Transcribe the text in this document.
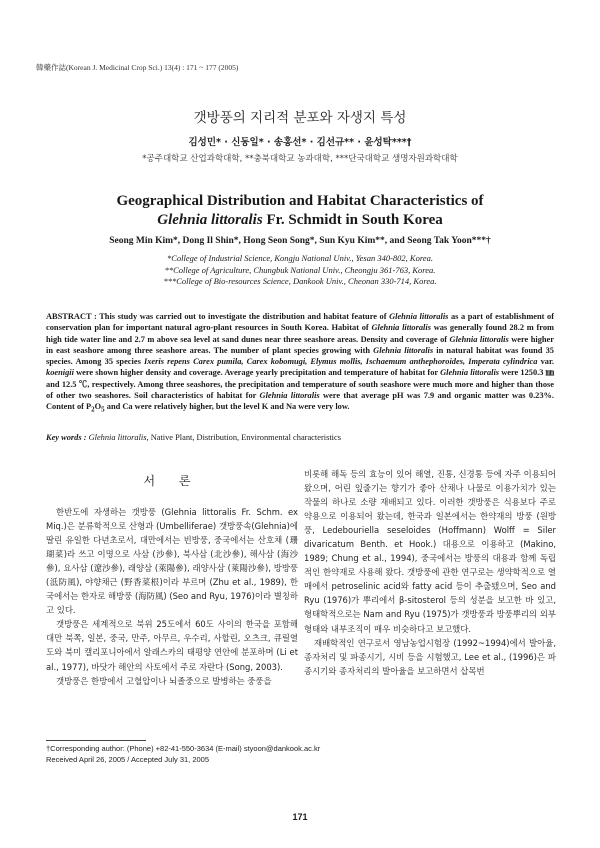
韓藥作誌(Korean J. Medicinal Crop Sci.) 13(4) : 171 ~ 177 (2005)
갯방풍의 지리적 분포와 자생지 특성
김성민* · 신동일* · 송홍선* · 김선규** · 윤성탁***†
*공주대학교 산업과학대학, **충북대학교 농과대학, ***단국대학교 생명자원과학대학
Geographical Distribution and Habitat Characteristics of
Glehnia littoralis Fr. Schmidt in South Korea
Seong Min Kim*, Dong Il Shin*, Hong Seon Song*, Sun Kyu Kim**, and Seong Tak Yoon***†
*College of Industrial Science, Kongju National Univ., Yesan 340-802, Korea.
**College of Agriculture, Chungbuk National Univ., Cheongju 361-763, Korea.
***College of Bio-resources Science, Dankook Univ., Cheonan 330-714, Korea.
ABSTRACT : This study was carried out to investigate the distribution and habitat feature of Glehnia littoralis as a part of establishment of conservation plan for important natural agro-plant resources in South Korea. Habitat of Glehnia littoralis was generally found 28.2 m from high tide water line and 2.7 m above sea level at sand dunes near three seashore areas. Density and coverage of Glehnia littoralis were higher in east seashore among three seashore areas. The number of plant species growing with Glehnia littoralis in natural habitat was found 35 species. Among 35 species Ixeris repens Carex pumila, Carex kobomugi, Elymus mollis, Ischaemum anthephoroides, Imperata cylindrica var. koenigii were shown higher density and coverage. Average yearly precipitation and temperature of habitat for Glehnia littoralis were 1250.3 ㎜ and 12.5 ℃, respectively. Among three seashores, the precipitation and temperature of south seashore were much more and higher than those of other two seashores. Soil characteristics of habitat for Glehnia littoralis were that average pH was 7.9 and organic matter was 0.23%. Content of $P_2O_5$ and Ca were relatively higher, but the level K and Na were very low.
Key words : Glehnia littoralis, Native Plant, Distribution, Environmental characteristics
서 론

한반도에 자생하는 갯방풍 (Glehnia littoralis Fr. Schm. ex Miq.)은 분류학적으로 산형과 (Umbelliferae) 갯방풍속(Glehnia)에 딸린 유일한 다년초로서, 대만에서는 빈방풍, 중국에서는 산호채 (珊瑚菜)라 쓰고 이명으로 사삼 (沙參), 북사삼 (北沙參), 해사삼 (海沙參), 요사삼 (遼沙參), 래양삼 (萊陽參), 래양사삼 (萊陽沙參), 방방풍 (泜防風), 야향채근 (野香菜根)이라 부르며 (Zhu et al., 1989), 한국에서는 한자로 해방풍 (海防風) (Seo and Ryu, 1976)이라 별칭하고 있다.

갯방풍은 세계적으로 북위 25도에서 60도 사이의 한국을 포함해 대만 북쪽, 일본, 중국, 만주, 아무르, 우수리, 사할린, 오츠크, 큐릴열도와 북미 캘리포니아에서 알래스카의 태평양 연안에 분포하며 (Li et al., 1977), 바닷가 해안의 사토에서 주로 자란다 (Song, 2003).

갯방풍은 한방에서 고혈압이나 뇌졸중으로 발병하는 중풍을

비롯해 해독 등의 효능이 있어 해열, 진통, 신경통 등에 자주 이용되어 왔으며, 어린 잎줄기는 향기가 좋아 산채나 나물로 이용가치가 있는 작물의 하나로 소량 재배되고 있다. 이러한 갯방풍은 식용보다 주로 약용으로 이용되어 왔는데, 한국과 일본에서는 한약재의 방풍 (원방풍, Ledebouriella seseloides (Hoffmann) Wolff = Siler divaricatum Benth. et Hook.) 대용으로 이용하고 (Makino, 1989; Chung et al., 1994), 중국에서는 방풍의 대용과 함께 독립적인 한약재로 사용해 왔다. 갯방풍에 관한 연구로는 생약학적으로 열매에서 petroselinic acid와 fatty acid 등이 추출됐으며, Seo and Ryu (1976)가 뿌리에서 β-sitosterol 등의 성분을 보고한 바 있고, 형태학적으로는 Nam and Ryu (1975)가 갯방풍과 방풍뿌리의 외부형태와 내부조직이 매우 비슷하다고 보고했다.

재배학적인 연구로서 영남농업시험장 (1992~1994)에서 발아율, 종자처리 및 파종시기, 시비 등을 시험했고, Lee et al., (1996)은 파종시기와 종자처리의 발아율을 보고하면서 삽목번

†Corresponding author: (Phone) +82-41-550-3634 (E-mail) styoon@dankook.ac.kr
Received April 26, 2005 / Accepted July 31, 2005
171
